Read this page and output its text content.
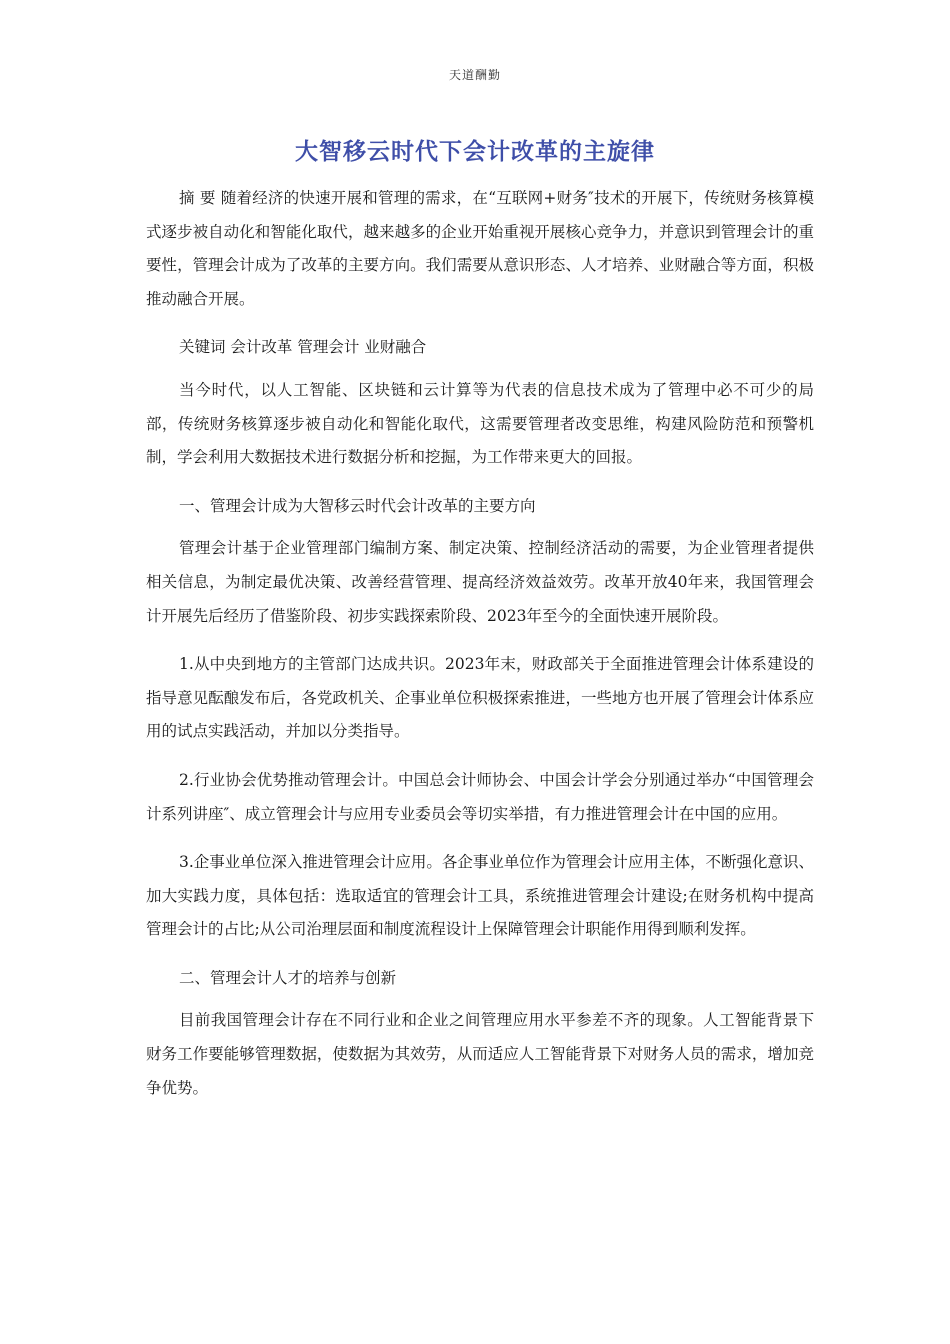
天道酬勤
大智移云时代下会计改革的主旋律

摘 要 随着经济的快速开展和管理的需求，在“互联网+财务″技术的开展下，传统财务核算模式逐步被自动化和智能化取代，越来越多的企业开始重视开展核心竞争力，并意识到管理会计的重要性，管理会计成为了改革的主要方向。我们需要从意识形态、人才培养、业财融合等方面，积极推动融合开展。

关键词 会计改革 管理会计 业财融合

当今时代，以人工智能、区块链和云计算等为代表的信息技术成为了管理中必不可少的局部，传统财务核算逐步被自动化和智能化取代，这需要管理者改变思维，构建风险防范和预警机制，学会利用大数据技术进行数据分析和挖掘，为工作带来更大的回报。

一、管理会计成为大智移云时代会计改革的主要方向

管理会计基于企业管理部门编制方案、制定决策、控制经济活动的需要，为企业管理者提供相关信息，为制定最优决策、改善经营管理、提高经济效益效劳。改革开放40年来，我国管理会计开展先后经历了借鉴阶段、初步实践探索阶段、2023年至今的全面快速开展阶段。

1.从中央到地方的主管部门达成共识。2023年末，财政部关于全面推进管理会计体系建设的指导意见酝酿发布后，各党政机关、企事业单位积极探索推进，一些地方也开展了管理会计体系应用的试点实践活动，并加以分类指导。

2.行业协会优势推动管理会计。中国总会计师协会、中国会计学会分别通过举办“中国管理会计系列讲座″、成立管理会计与应用专业委员会等切实举措，有力推进管理会计在中国的应用。

3.企事业单位深入推进管理会计应用。各企事业单位作为管理会计应用主体，不断强化意识、加大实践力度，具体包括：选取适宜的管理会计工具，系统推进管理会计建设;在财务机构中提高管理会计的占比;从公司治理层面和制度流程设计上保障管理会计职能作用得到顺利发挥。

二、管理会计人才的培养与创新

目前我国管理会计存在不同行业和企业之间管理应用水平参差不齐的现象。人工智能背景下财务工作要能够管理数据，使数据为其效劳，从而适应人工智能背景下对财务人员的需求，增加竞争优势。
